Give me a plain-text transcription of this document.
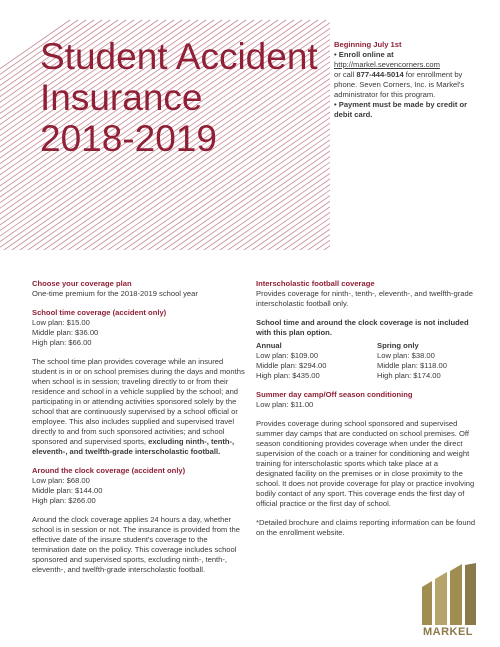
Student Accident
Insurance
2018-2019

Beginning July 1st

• Enroll online at

http://markel.sevencorners.com

or call 877-444-5014 for enrollment by phone. Seven Corners, Inc. is Markel's administrator for this program.

• Payment must be made by credit or debit card.

Choose your coverage plan

One-time premium for the 2018-2019 school year

School time coverage (accident only)

Low plan: $15.00

Middle plan: $36.00

High plan: $66.00

The school time plan provides coverage while an insured student is in or on school premises during the days and months when school is in session; traveling directly to or from their residence and school in a vehicle supplied by the school; and participating in or attending activities sponsored solely by the school that are continuously supervised by a school official or employee. This also includes supplied and supervised travel directly to and from such sponsored activities; and school sponsored and supervised sports, excluding ninth-, tenth-, eleventh-, and twelfth-grade interscholastic football.

Around the clock coverage (accident only)

Low plan: $68.00

Middle plan: $144.00

High plan: $266.00

Around the clock coverage applies 24 hours a day, whether school is in session or not. The insurance is provided from the effective date of the insure student's coverage to the termination date on the policy. This coverage includes school sponsored and supervised sports, excluding ninth-, tenth-, eleventh-, and twelfth-grade interscholastic football.

Interscholastic football coverage

Provides coverage for ninth-, tenth-, eleventh-, and twelfth-grade interscholastic football only.

School time and around the clock coverage is not included with this plan option.

Annual

Low plan: $109.00

Middle plan: $294.00

High plan: $435.00

Spring only

Low plan: $38.00

Middle plan: $118.00

High plan: $174.00

Summer day camp/Off season conditioning

Low plan: $11.00

Provides coverage during school sponsored and supervised summer day camps that are conducted on school premises. Off season conditioning provides coverage when under the direct supervision of the coach or a trainer for conditioning and weight training for interscholastic sports which take place at a designated facility on the premises or in close proximity to the school. It does not provide coverage for play or practice involving bodily contact of any sport. This coverage ends the first day of official practice or the first day of school.

*Detailed brochure and claims reporting information can be found on the enrollment website.

MARKEL
